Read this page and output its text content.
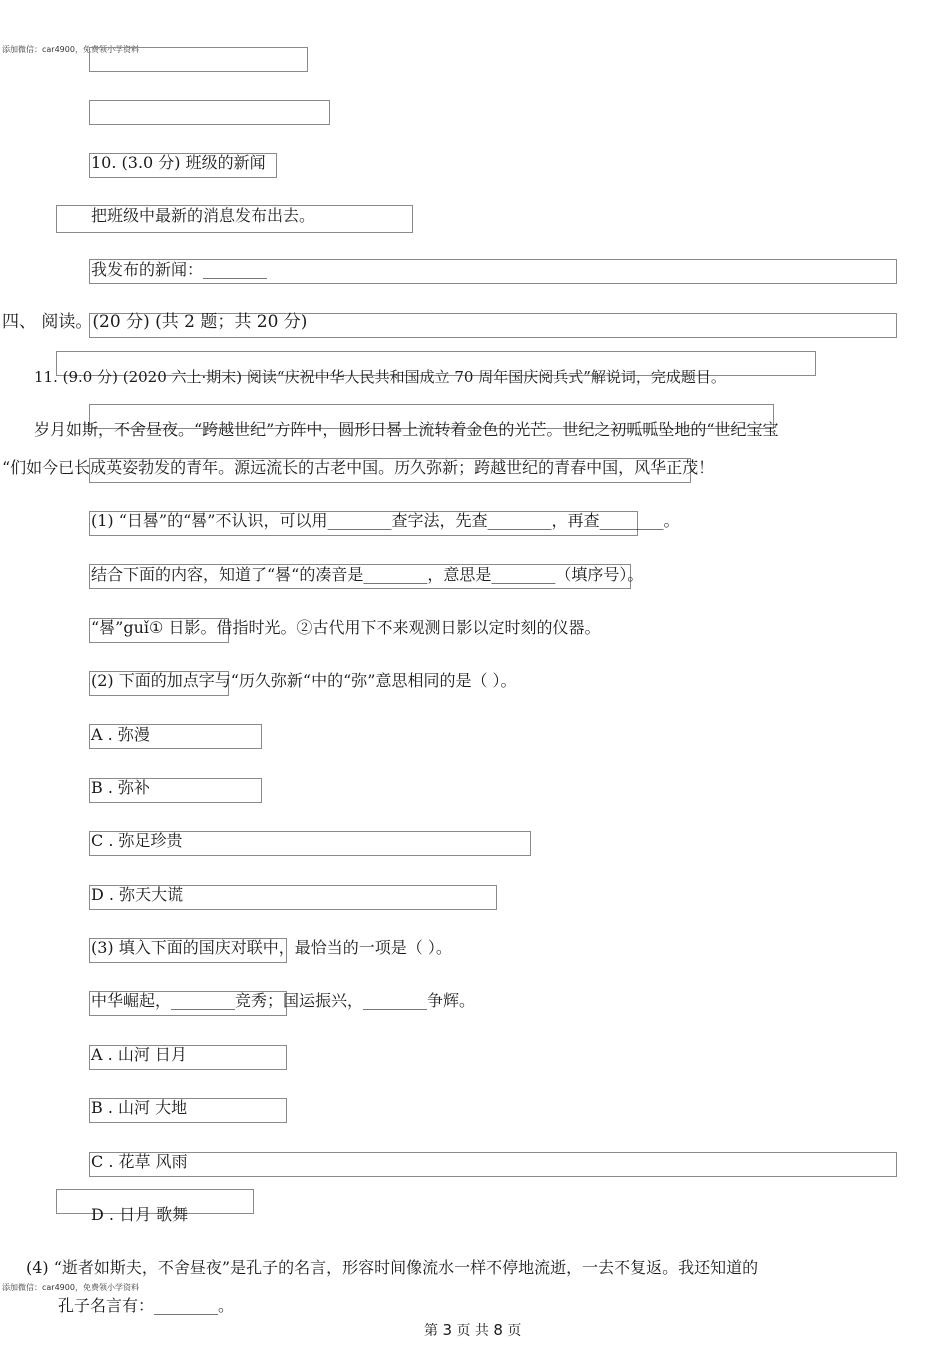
添加微信：car4900，免费领小学资料
10. (3.0 分) 班级的新闻
把班级中最新的消息发布出去。
我发布的新闻：________
四、 阅读。(20 分) (共 2 题；共 20 分)
11. (9.0 分) (2020 六上·期末) 阅读“庆祝中华人民共和国成立 70 周年国庆阅兵式”解说词，完成题目。
岁月如斯，不舍昼夜。“跨越世纪”方阵中，圆形日晷上流转着金色的光芒。世纪之初呱呱坠地的“世纪宝宝
“们如今已长成英姿勃发的青年。源远流长的古老中国。历久弥新；跨越世纪的青春中国，风华正茂！
(1) “日晷”的“晷”不认识，可以用________查字法，先查________，再查________。
结合下面的内容，知道了“晷“的凑音是________，意思是________（填序号）。
“晷”guǐ① 日影。借指时光。②古代用下不来观测日影以定时刻的仪器。
(2) 下面的加点字与“历久弥新“中的“弥”意思相同的是（ ）。
A . 弥漫
B . 弥补
C . 弥足珍贵
D . 弥天大谎
(3) 填入下面的国庆对联中，最恰当的一项是（ ）。
中华崛起，________竞秀；国运振兴，________争辉。
A . 山河 日月
B . 山河 大地
C . 花草 风雨
D . 日月 歌舞
(4) “逝者如斯夫，不舍昼夜”是孔子的名言，形容时间像流水一样不停地流逝，一去不复返。我还知道的
添加微信：car4900，免费领小学资料
孔子名言有：________。
第 3 页 共 8 页
